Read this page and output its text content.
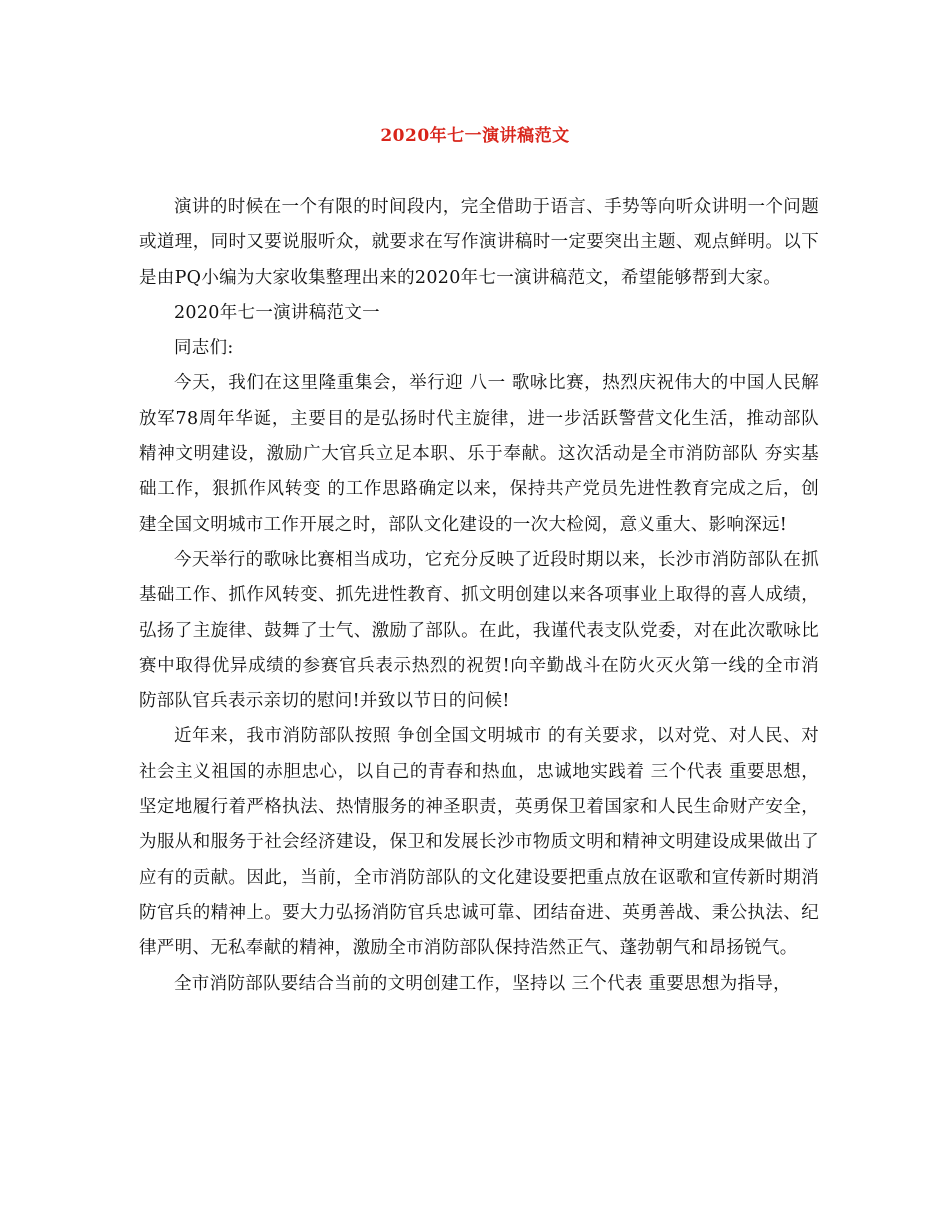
2020年七一演讲稿范文

演讲的时候在一个有限的时间段内，完全借助于语言、手势等向听众讲明一个问题或道理，同时又要说服听众，就要求在写作演讲稿时一定要突出主题、观点鲜明。以下是由PQ小编为大家收集整理出来的2020年七一演讲稿范文，希望能够帮到大家。

2020年七一演讲稿范文一

同志们:

今天，我们在这里隆重集会，举行迎 八一 歌咏比赛，热烈庆祝伟大的中国人民解放军78周年华诞，主要目的是弘扬时代主旋律，进一步活跃警营文化生活，推动部队精神文明建设，激励广大官兵立足本职、乐于奉献。这次活动是全市消防部队 夯实基础工作，狠抓作风转变 的工作思路确定以来，保持共产党员先进性教育完成之后，创建全国文明城市工作开展之时，部队文化建设的一次大检阅，意义重大、影响深远!

今天举行的歌咏比赛相当成功，它充分反映了近段时期以来，长沙市消防部队在抓基础工作、抓作风转变、抓先进性教育、抓文明创建以来各项事业上取得的喜人成绩，弘扬了主旋律、鼓舞了士气、激励了部队。在此，我谨代表支队党委，对在此次歌咏比赛中取得优异成绩的参赛官兵表示热烈的祝贺!向辛勤战斗在防火灭火第一线的全市消防部队官兵表示亲切的慰问!并致以节日的问候!

近年来，我市消防部队按照 争创全国文明城市 的有关要求，以对党、对人民、对社会主义祖国的赤胆忠心，以自己的青春和热血，忠诚地实践着 三个代表 重要思想，坚定地履行着严格执法、热情服务的神圣职责，英勇保卫着国家和人民生命财产安全，为服从和服务于社会经济建设，保卫和发展长沙市物质文明和精神文明建设成果做出了应有的贡献。因此，当前，全市消防部队的文化建设要把重点放在讴歌和宣传新时期消防官兵的精神上。要大力弘扬消防官兵忠诚可靠、团结奋进、英勇善战、秉公执法、纪律严明、无私奉献的精神，激励全市消防部队保持浩然正气、蓬勃朝气和昂扬锐气。

全市消防部队要结合当前的文明创建工作，坚持以 三个代表 重要思想为指导，
